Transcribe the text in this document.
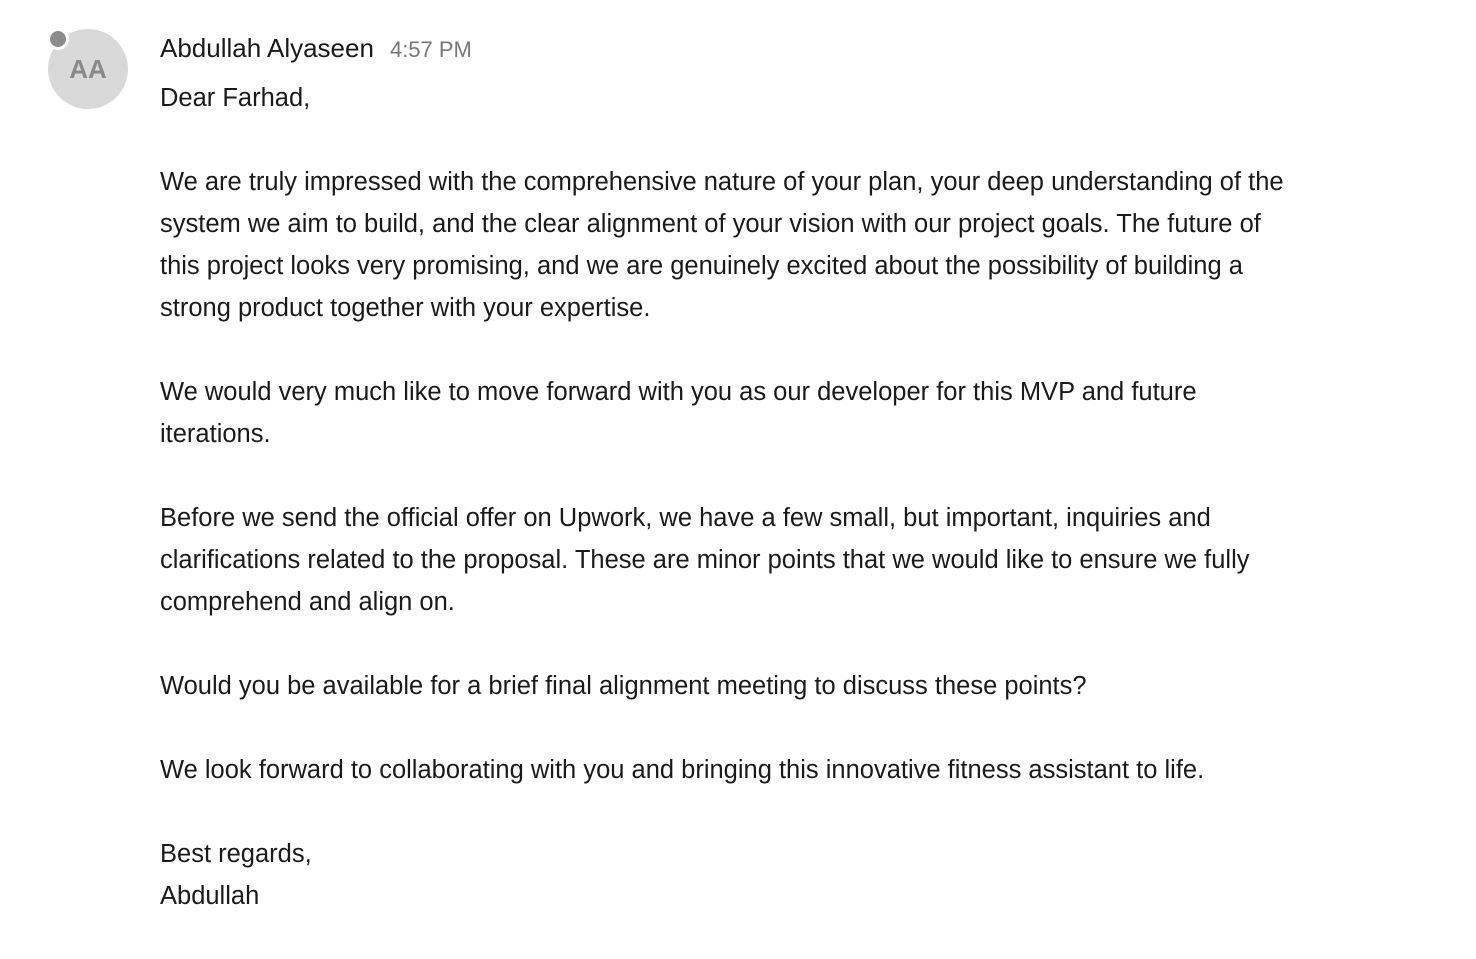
AA
Abdullah Alyaseen 4:57 PM
Dear Farhad,
We are truly impressed with the comprehensive nature of your plan, your deep understanding of the
system we aim to build, and the clear alignment of your vision with our project goals. The future of
this project looks very promising, and we are genuinely excited about the possibility of building a
strong product together with your expertise.
We would very much like to move forward with you as our developer for this MVP and future
iterations.
Before we send the official offer on Upwork, we have a few small, but important, inquiries and
clarifications related to the proposal. These are minor points that we would like to ensure we fully
comprehend and align on.
Would you be available for a brief final alignment meeting to discuss these points?
We look forward to collaborating with you and bringing this innovative fitness assistant to life.
Best regards,
Abdullah
